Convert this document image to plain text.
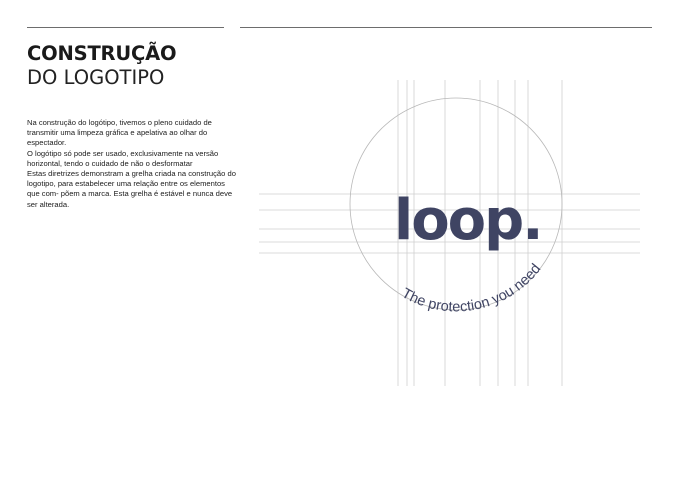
CONSTRUÇÃO
DO LOGOTIPO

Na construção do logótipo, tivemos o pleno cuidado de transmitir uma limpeza gráfica e apelativa ao olhar do espectador.
O logótipo só pode ser usado, exclusivamente na versão horizontal, tendo o cuidado de não o desformatar
Estas diretrizes demonstram a grelha criada na construção do logotipo, para estabelecer uma relação entre os elementos que com- põem a marca. Esta grelha é estável e nunca deve ser alterada.

The protection you need
loop.
